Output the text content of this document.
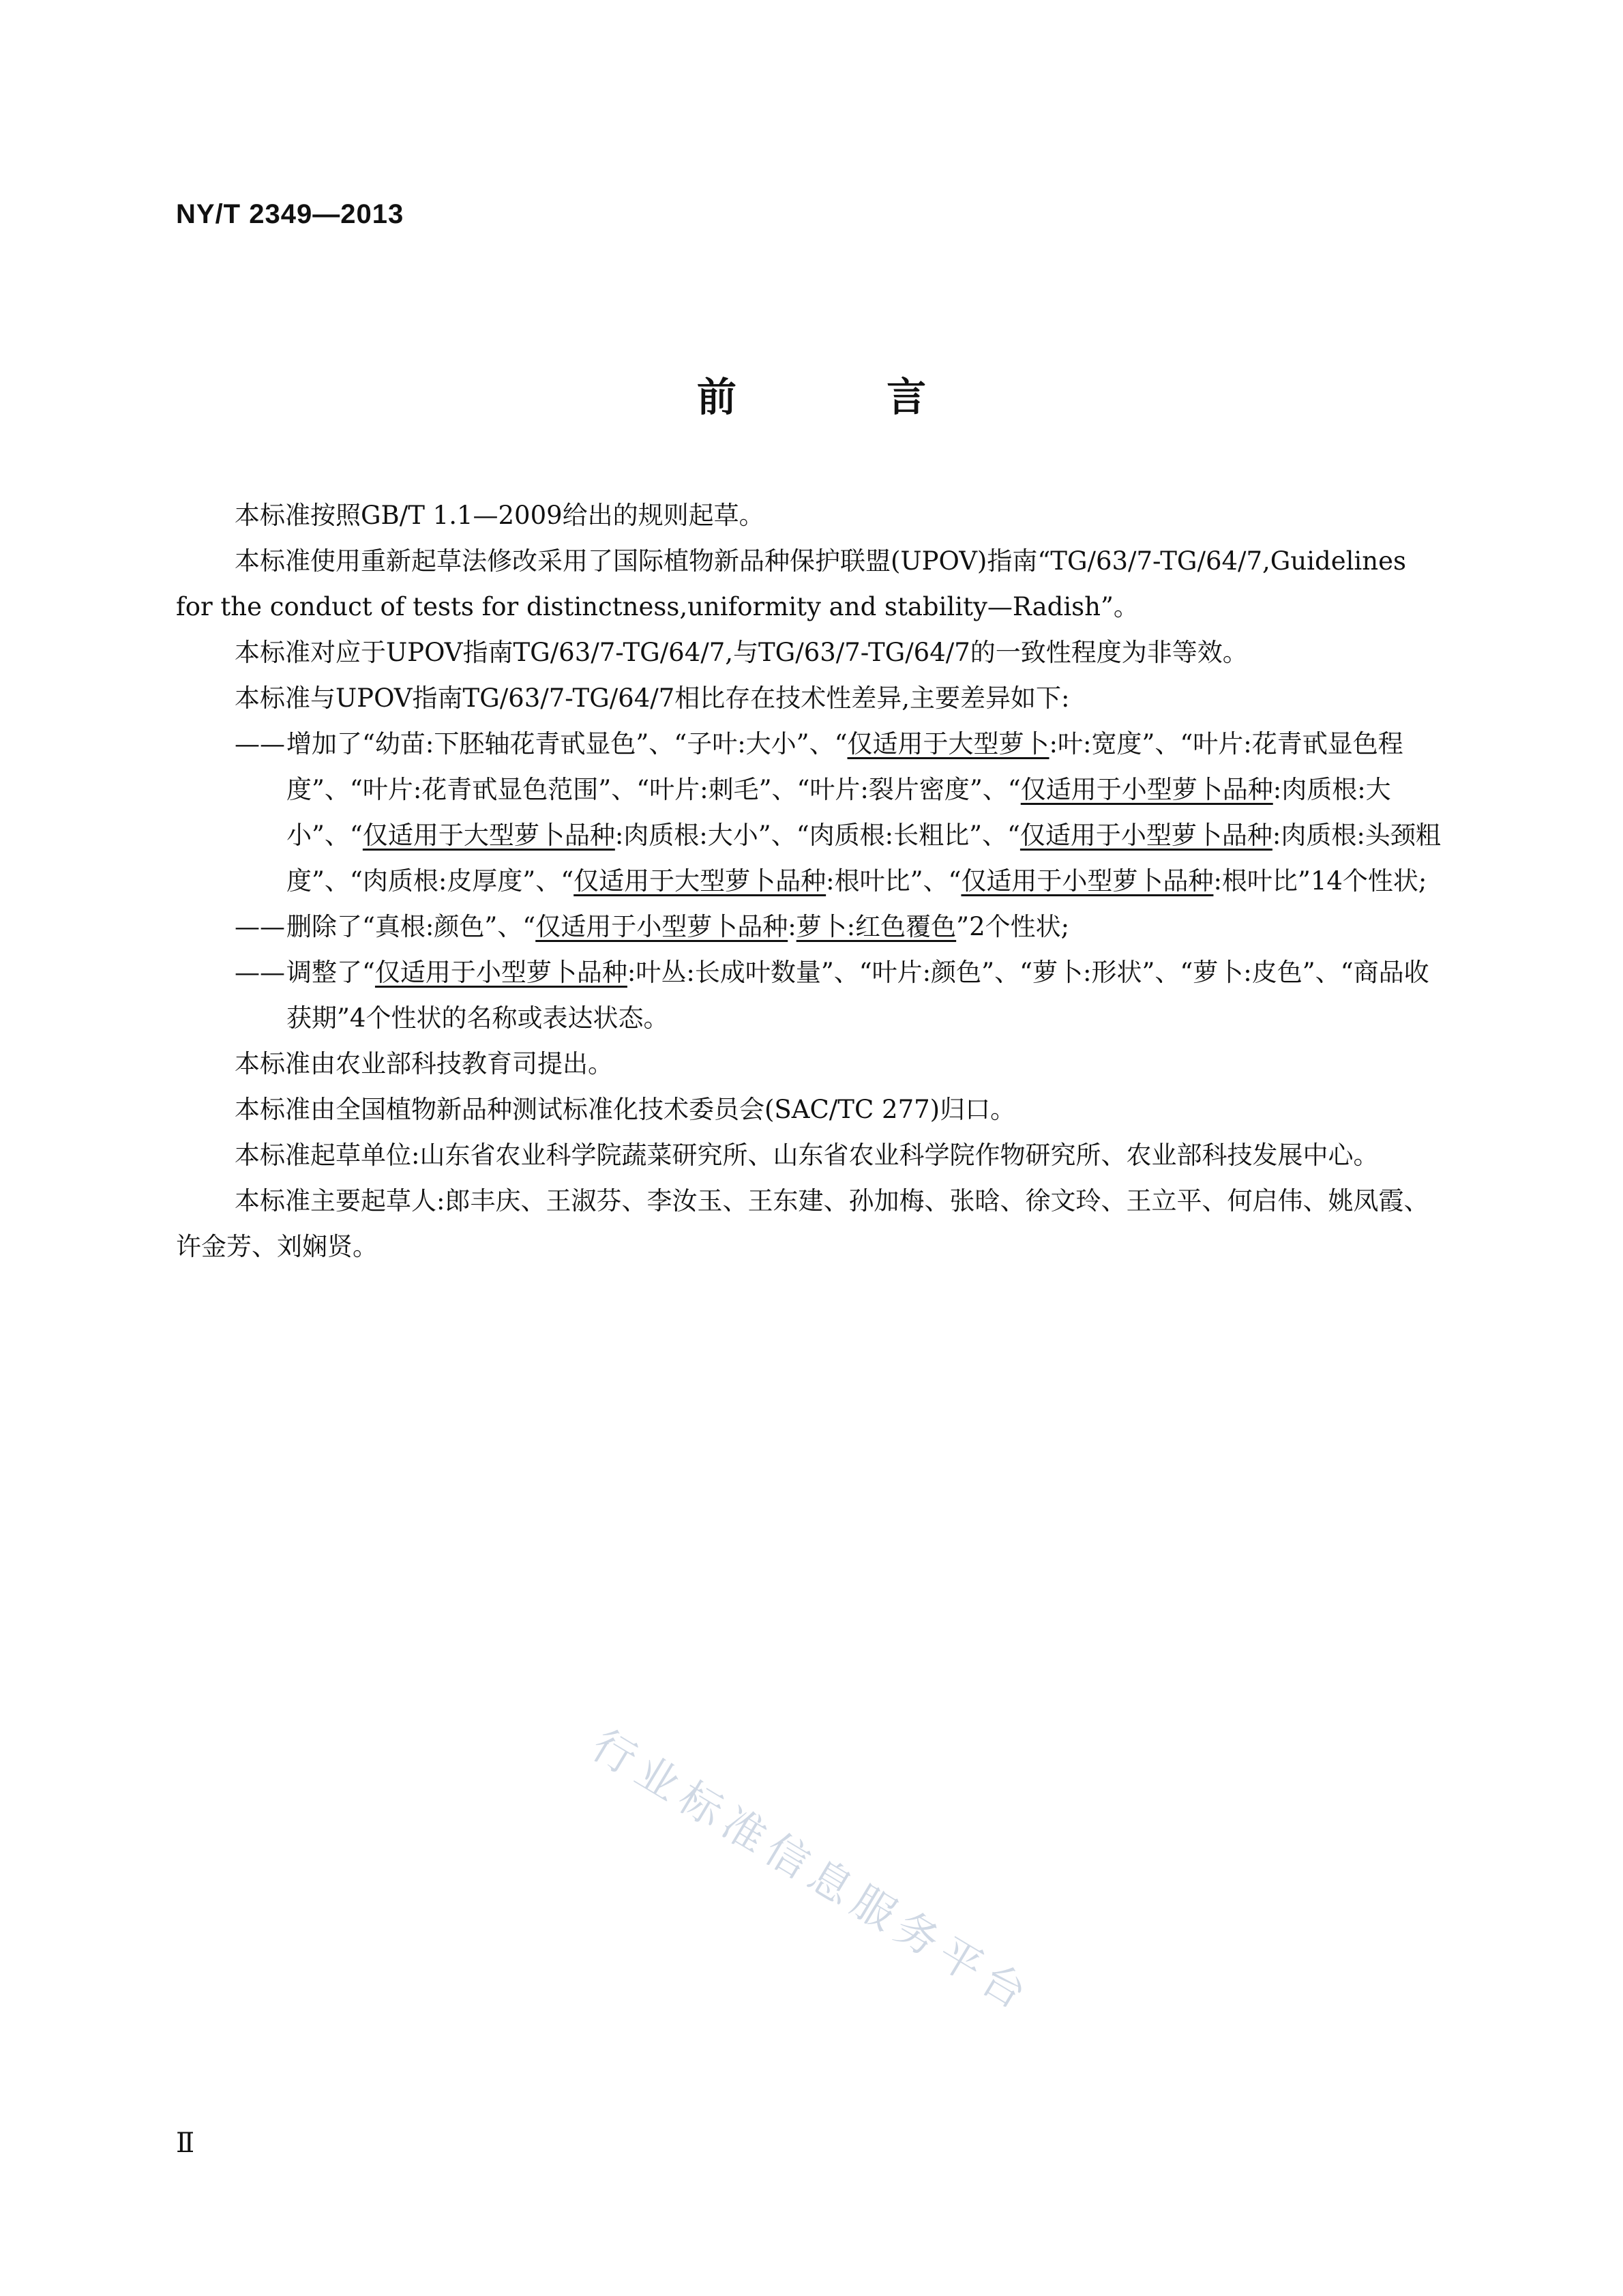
NY/T 2349—2013
前 言
本标准按照GB/T 1.1—2009给出的规则起草。
本标准使用重新起草法修改采用了国际植物新品种保护联盟(UPOV)指南“TG/63/7-TG/64/7,Guidelines for the conduct of tests for distinctness,uniformity and stability—Radish”。
本标准对应于UPOV指南TG/63/7-TG/64/7,与TG/63/7-TG/64/7的一致性程度为非等效。
本标准与UPOV指南TG/63/7-TG/64/7相比存在技术性差异,主要差异如下:
—— 增加了“幼苗:下胚轴花青甙显色”、“子叶:大小”、“仅适用于大型萝卜:叶:宽度”、“叶片:花青甙显色程度”、“叶片:花青甙显色范围”、“叶片:刺毛”、“叶片:裂片密度”、“仅适用于小型萝卜品种:肉质根:大小”、“仅适用于大型萝卜品种:肉质根:大小”、“肉质根:长粗比”、“仅适用于小型萝卜品种:肉质根:头颈粗度”、“肉质根:皮厚度”、“仅适用于大型萝卜品种:根叶比”、“仅适用于小型萝卜品种:根叶比”14个性状;
—— 删除了“真根:颜色”、“仅适用于小型萝卜品种:萝卜:红色覆色”2个性状;
—— 调整了“仅适用于小型萝卜品种:叶丛:长成叶数量”、“叶片:颜色”、“萝卜:形状”、“萝卜:皮色”、“商品收获期”4个性状的名称或表达状态。
本标准由农业部科技教育司提出。
本标准由全国植物新品种测试标准化技术委员会(SAC/TC 277)归口。
本标准起草单位:山东省农业科学院蔬菜研究所、山东省农业科学院作物研究所、农业部科技发展中心。
本标准主要起草人:郎丰庆、王淑芬、李汝玉、王东建、孙加梅、张晗、徐文玲、王立平、何启伟、姚凤霞、许金芳、刘娴贤。
行业标准信息服务平台
Ⅱ
